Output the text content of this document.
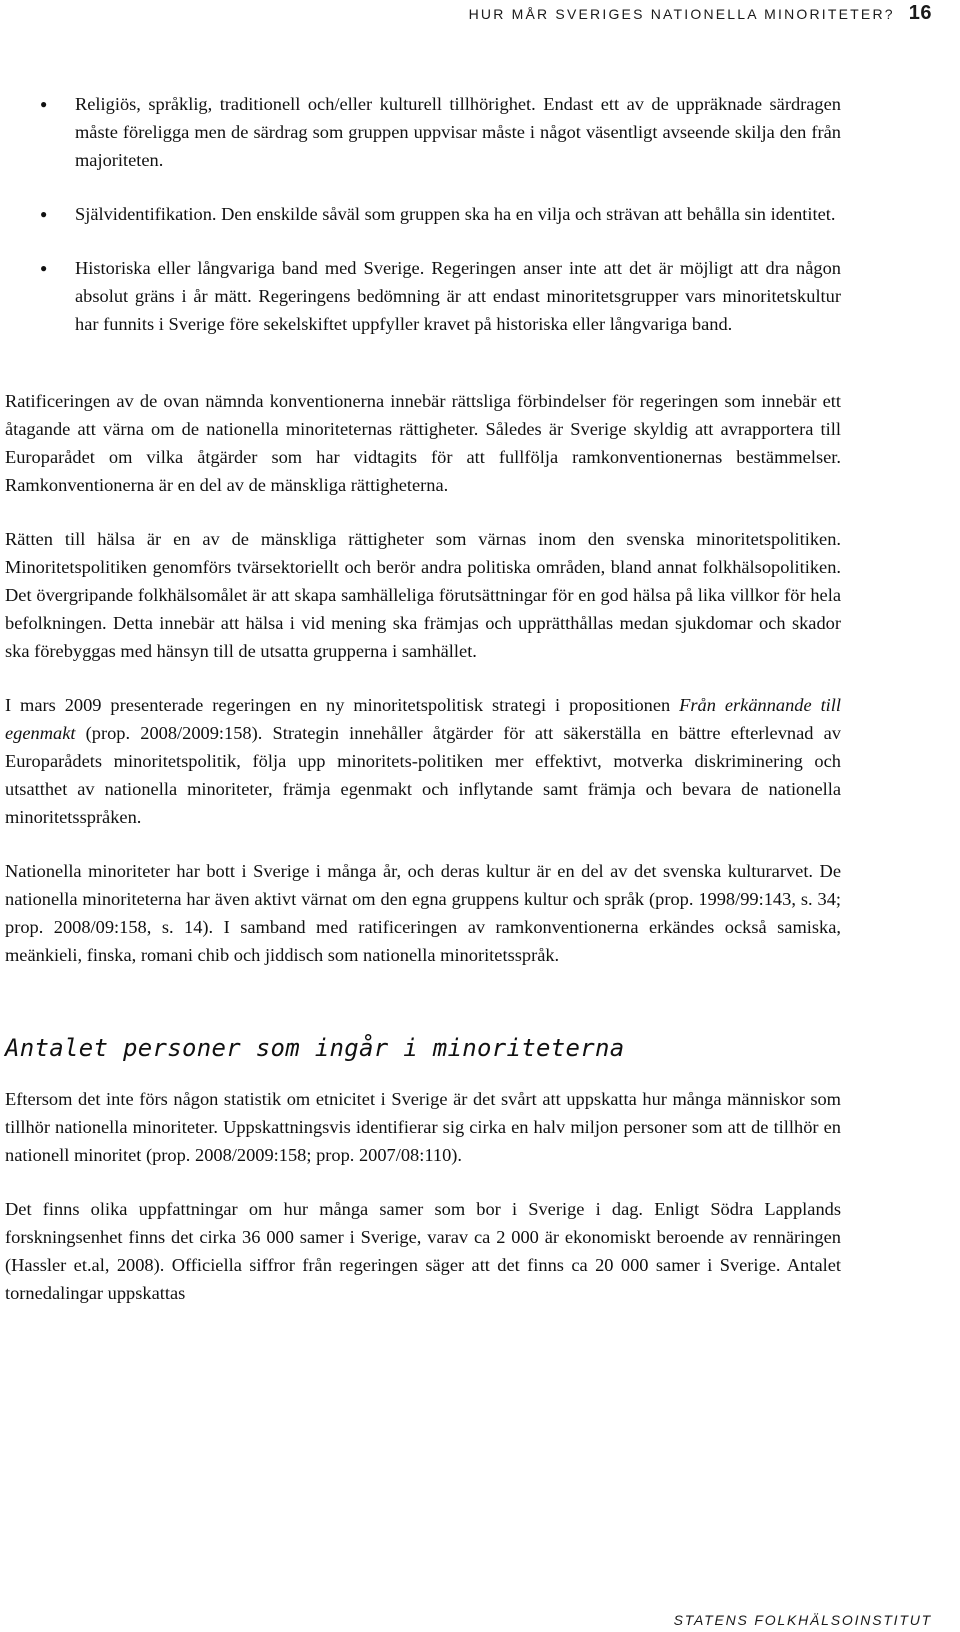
HUR MÅR SVERIGES NATIONELLA MINORITETER? 16
● Religiös, språklig, traditionell och/eller kulturell tillhörighet. Endast ett av de uppräknade särdragen måste föreligga men de särdrag som gruppen uppvisar måste i något väsentligt avseende skilja den från majoriteten.
● Självidentifikation. Den enskilde såväl som gruppen ska ha en vilja och strävan att behålla sin identitet.
● Historiska eller långvariga band med Sverige. Regeringen anser inte att det är möjligt att dra någon absolut gräns i år mätt. Regeringens bedömning är att endast minoritetsgrupper vars minoritetskultur har funnits i Sverige före sekelskiftet uppfyller kravet på historiska eller långvariga band.

Ratificeringen av de ovan nämnda konventionerna innebär rättsliga förbindelser för regeringen som innebär ett åtagande att värna om de nationella minoriteternas rättigheter. Således är Sverige skyldig att avrapportera till Europarådet om vilka åtgärder som har vidtagits för att fullfölja ramkonventionernas bestämmelser. Ramkonventionerna är en del av de mänskliga rättigheterna.

Rätten till hälsa är en av de mänskliga rättigheter som värnas inom den svenska minoritetspolitiken. Minoritetspolitiken genomförs tvärsektoriellt och berör andra politiska områden, bland annat folkhälsopolitiken. Det övergripande folkhälsomålet är att skapa samhälleliga förutsättningar för en god hälsa på lika villkor för hela befolkningen. Detta innebär att hälsa i vid mening ska främjas och upprätthållas medan sjukdomar och skador ska förebyggas med hänsyn till de utsatta grupperna i samhället.

I mars 2009 presenterade regeringen en ny minoritetspolitisk strategi i propositionen Från erkännande till egenmakt (prop. 2008/2009:158). Strategin innehåller åtgärder för att säkerställa en bättre efterlevnad av Europarådets minoritetspolitik, följa upp minoritets-politiken mer effektivt, motverka diskriminering och utsatthet av nationella minoriteter, främja egenmakt och inflytande samt främja och bevara de nationella minoritetsspråken.

Nationella minoriteter har bott i Sverige i många år, och deras kultur är en del av det svenska kulturarvet. De nationella minoriteterna har även aktivt värnat om den egna gruppens kultur och språk (prop. 1998/99:143, s. 34; prop. 2008/09:158, s. 14). I samband med ratificeringen av ramkonventionerna erkändes också samiska, meänkieli, finska, romani chib och jiddisch som nationella minoritetsspråk.

Antalet personer som ingår i minoriteterna

Eftersom det inte förs någon statistik om etnicitet i Sverige är det svårt att uppskatta hur många människor som tillhör nationella minoriteter. Uppskattningsvis identifierar sig cirka en halv miljon personer som att de tillhör en nationell minoritet (prop. 2008/2009:158; prop. 2007/08:110).

Det finns olika uppfattningar om hur många samer som bor i Sverige i dag. Enligt Södra Lapplands forskningsenhet finns det cirka 36 000 samer i Sverige, varav ca 2 000 är ekonomiskt beroende av rennäringen (Hassler et.al, 2008). Officiella siffror från regeringen säger att det finns ca 20 000 samer i Sverige. Antalet tornedalingar uppskattas

STATENS FOLKHÄLSOINSTITUT
